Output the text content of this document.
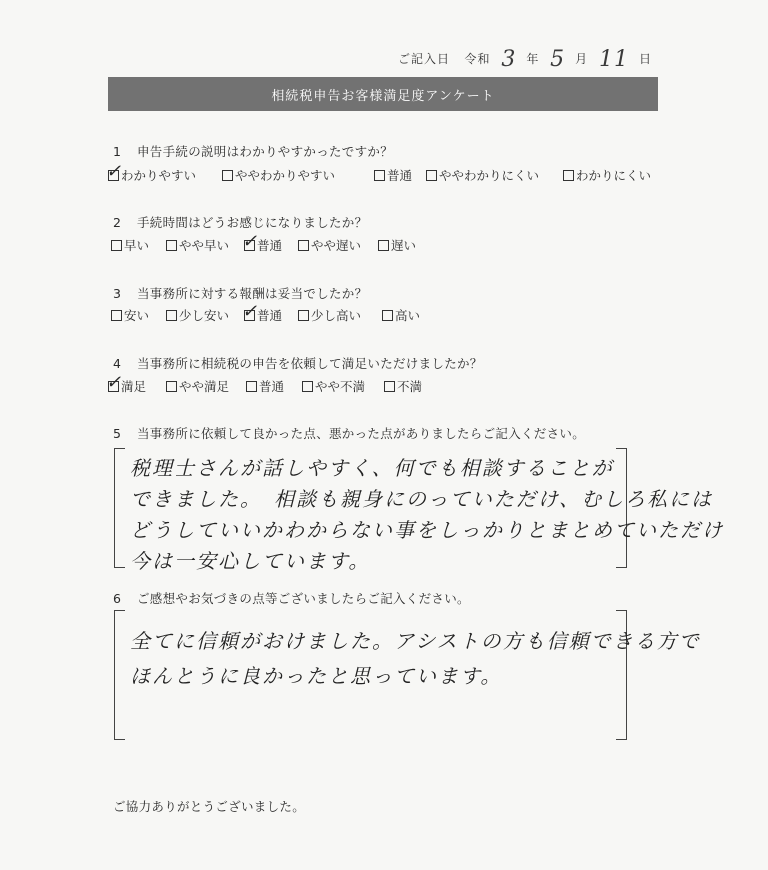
ご記入日 令和 3 年 5 月 11 日
相続税申告お客様満足度アンケート
1 申告手続の説明はわかりやすかったですか？
✓ わかりやすい	ややわかりやすい	普通	ややわかりにくい	わかりにくい
2 手続時間はどうお感じになりましたか？
早い	やや早い ✓ 普通	やや遅い	遅い
3 当事務所に対する報酬は妥当でしたか？
安い	少し安い ✓ 普通	少し高い	高い
4 当事務所に相続税の申告を依頼して満足いただけましたか？
✓ 満足	やや満足	普通	やや不満	不満
5 当事務所に依頼して良かった点、悪かった点がありましたらご記入ください。
税理士さんが話しやすく、何でも相談することが
できました。　相談も親身にのっていただけ、むしろ私には
どうしていいかわからない事をしっかりとまとめていただけ
今は一安心しています。
6 ご感想やお気づきの点等ございましたらご記入ください。
全てに信頼がおけました。アシストの方も信頼できる方で
ほんとうに良かったと思っています。
ご協力ありがとうございました。
